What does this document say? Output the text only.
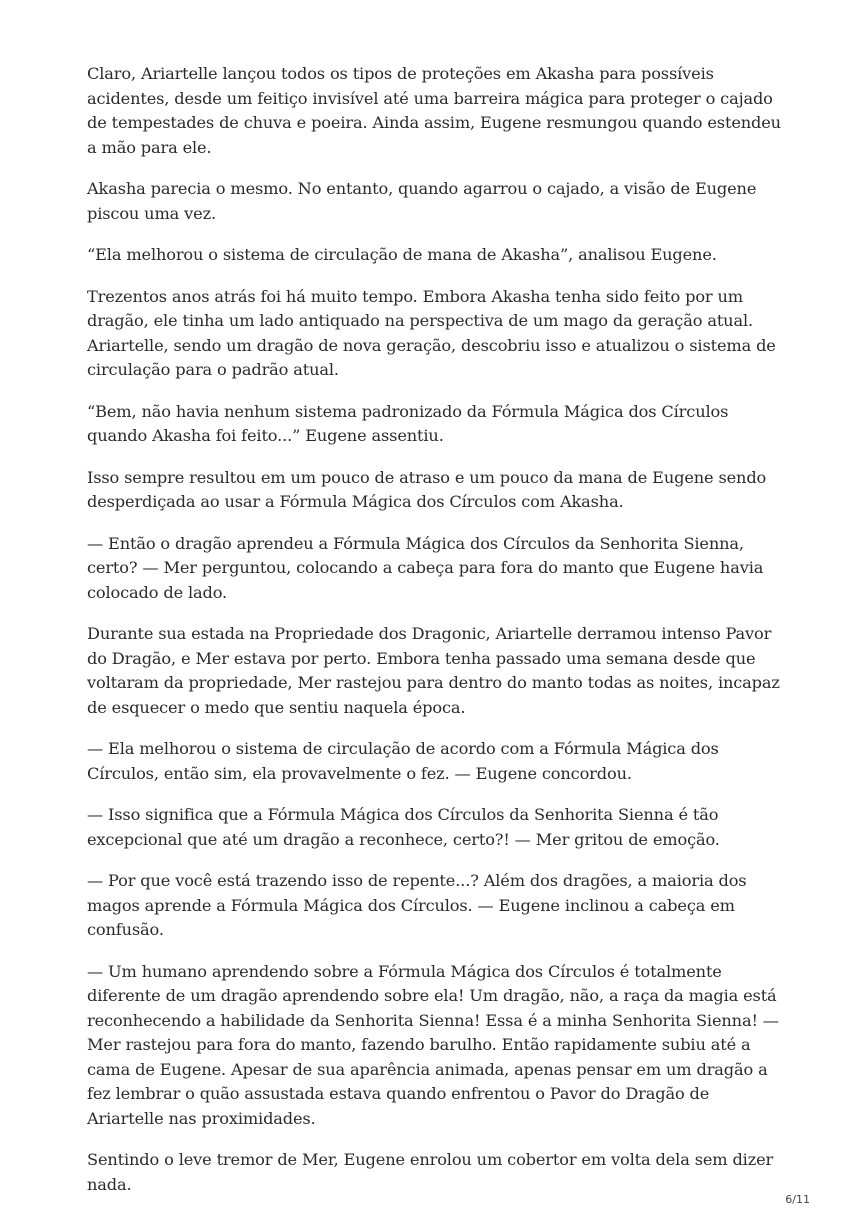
Claro, Ariartelle lançou todos os tipos de proteções em Akasha para possíveis acidentes, desde um feitiço invisível até uma barreira mágica para proteger o cajado de tempestades de chuva e poeira. Ainda assim, Eugene resmungou quando estendeu a mão para ele.

Akasha parecia o mesmo. No entanto, quando agarrou o cajado, a visão de Eugene piscou uma vez.

“Ela melhorou o sistema de circulação de mana de Akasha”, analisou Eugene.

Trezentos anos atrás foi há muito tempo. Embora Akasha tenha sido feito por um dragão, ele tinha um lado antiquado na perspectiva de um mago da geração atual. Ariartelle, sendo um dragão de nova geração, descobriu isso e atualizou o sistema de circulação para o padrão atual.

“Bem, não havia nenhum sistema padronizado da Fórmula Mágica dos Círculos quando Akasha foi feito...” Eugene assentiu.

Isso sempre resultou em um pouco de atraso e um pouco da mana de Eugene sendo desperdiçada ao usar a Fórmula Mágica dos Círculos com Akasha.

— Então o dragão aprendeu a Fórmula Mágica dos Círculos da Senhorita Sienna, certo? — Mer perguntou, colocando a cabeça para fora do manto que Eugene havia colocado de lado.

Durante sua estada na Propriedade dos Dragonic, Ariartelle derramou intenso Pavor do Dragão, e Mer estava por perto. Embora tenha passado uma semana desde que voltaram da propriedade, Mer rastejou para dentro do manto todas as noites, incapaz de esquecer o medo que sentiu naquela época.

— Ela melhorou o sistema de circulação de acordo com a Fórmula Mágica dos Círculos, então sim, ela provavelmente o fez. — Eugene concordou.

— Isso significa que a Fórmula Mágica dos Círculos da Senhorita Sienna é tão excepcional que até um dragão a reconhece, certo?! — Mer gritou de emoção.

— Por que você está trazendo isso de repente...? Além dos dragões, a maioria dos magos aprende a Fórmula Mágica dos Círculos. — Eugene inclinou a cabeça em confusão.

— Um humano aprendendo sobre a Fórmula Mágica dos Círculos é totalmente diferente de um dragão aprendendo sobre ela! Um dragão, não, a raça da magia está reconhecendo a habilidade da Senhorita Sienna! Essa é a minha Senhorita Sienna! — Mer rastejou para fora do manto, fazendo barulho. Então rapidamente subiu até a cama de Eugene. Apesar de sua aparência animada, apenas pensar em um dragão a fez lembrar o quão assustada estava quando enfrentou o Pavor do Dragão de Ariartelle nas proximidades.

Sentindo o leve tremor de Mer, Eugene enrolou um cobertor em volta dela sem dizer nada.

6/11
